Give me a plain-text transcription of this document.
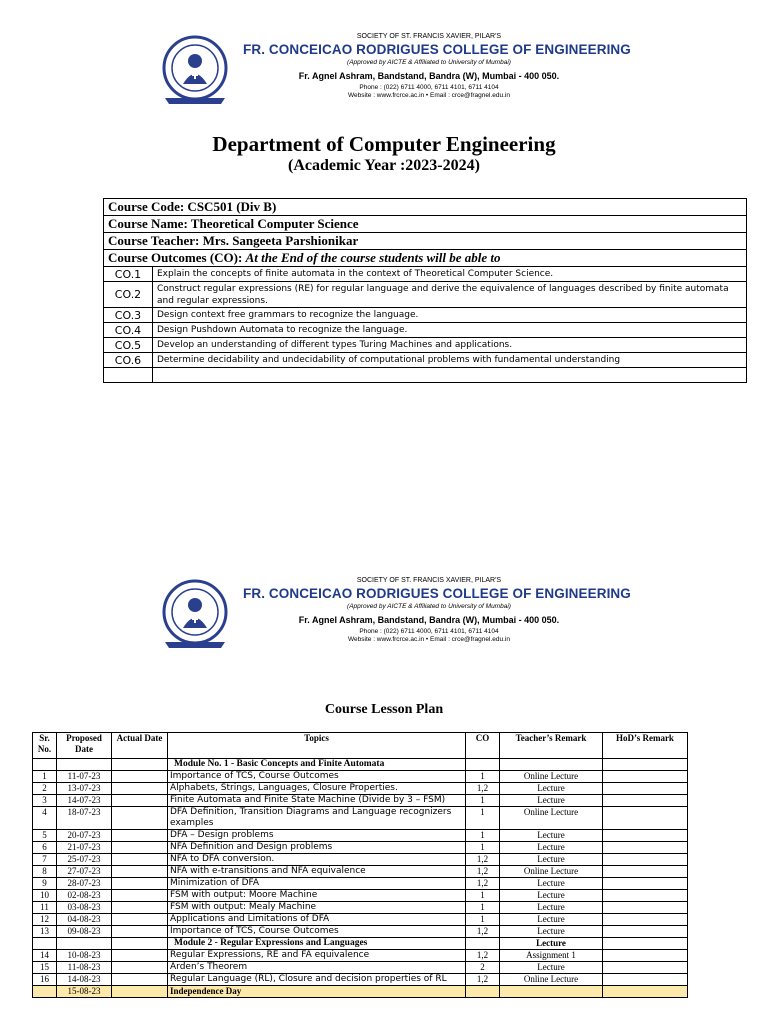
SOCIETY OF ST. FRANCIS XAVIER, PILAR'S
FR. CONCEICAO RODRIGUES COLLEGE OF ENGINEERING
(Approved by AICTE & Affiliated to University of Mumbai)
Fr. Agnel Ashram, Bandstand, Bandra (W), Mumbai - 400 050.
Phone : (022) 6711 4000, 6711 4101, 6711 4104
Website : www.frcrce.ac.in • Email : crce@fragnel.edu.in
Department of Computer Engineering
(Academic Year :2023-2024)
Course Code: CSC501 (Div B)	
Course Name: Theoretical Computer Science	
Course Teacher: Mrs. Sangeeta Parshionikar	
Course Outcomes (CO): At the End of the course students will be able to	
CO.1	Explain the concepts of finite automata in the context of Theoretical Computer Science.
CO.2	Construct regular expressions (RE) for regular language and derive the equivalence of languages described by finite automata and regular expressions.
CO.3	Design context free grammars to recognize the language.
CO.4	Design Pushdown Automata to recognize the language.
CO.5	Develop an understanding of different types Turing Machines and applications.
CO.6	Determine decidability and undecidability of computational problems with fundamental understanding

SOCIETY OF ST. FRANCIS XAVIER, PILAR'S
FR. CONCEICAO RODRIGUES COLLEGE OF ENGINEERING
(Approved by AICTE & Affiliated to University of Mumbai)
Fr. Agnel Ashram, Bandstand, Bandra (W), Mumbai - 400 050.
Phone : (022) 6711 4000, 6711 4101, 6711 4104
Website : www.frcrce.ac.in • Email : crce@fragnel.edu.in
Course Lesson Plan
Sr. No.	Proposed Date	Actual Date	Topics	CO	Teacher’s Remark	HoD’s Remark
			Module No. 1 - Basic Concepts and Finite Automata			
1	11-07-23		Importance of TCS, Course Outcomes	1	Online Lecture	
2	13-07-23		Alphabets, Strings, Languages, Closure Properties.	1,2	Lecture	
3	14-07-23		Finite Automata and Finite State Machine (Divide by 3 – FSM)	1	Lecture	
4	18-07-23		DFA Definition, Transition Diagrams and Language recognizers examples	1	Online Lecture	
5	20-07-23		DFA – Design problems	1	Lecture	
6	21-07-23		NFA Definition and Design problems	1	Lecture	
7	25-07-23		NFA to DFA conversion.	1,2	Lecture	
8	27-07-23		NFA with e-transitions and NFA equivalence	1,2	Online Lecture	
9	28-07-23		Minimization of DFA	1,2	Lecture	
10	02-08-23		FSM with output: Moore Machine	1	Lecture	
11	03-08-23		FSM with output: Mealy Machine	1	Lecture	
12	04-08-23		Applications and Limitations of DFA	1	Lecture	
13	09-08-23		Importance of TCS, Course Outcomes	1,2	Lecture	
			Module 2 - Regular Expressions and Languages		Lecture	
14	10-08-23		Regular Expressions, RE and FA equivalence	1,2	Assignment 1	
15	11-08-23		Arden’s Theorem	2	Lecture	
16	14-08-23		Regular Language (RL), Closure and decision properties of RL	1,2	Online Lecture	
	15-08-23		Independence Day			
